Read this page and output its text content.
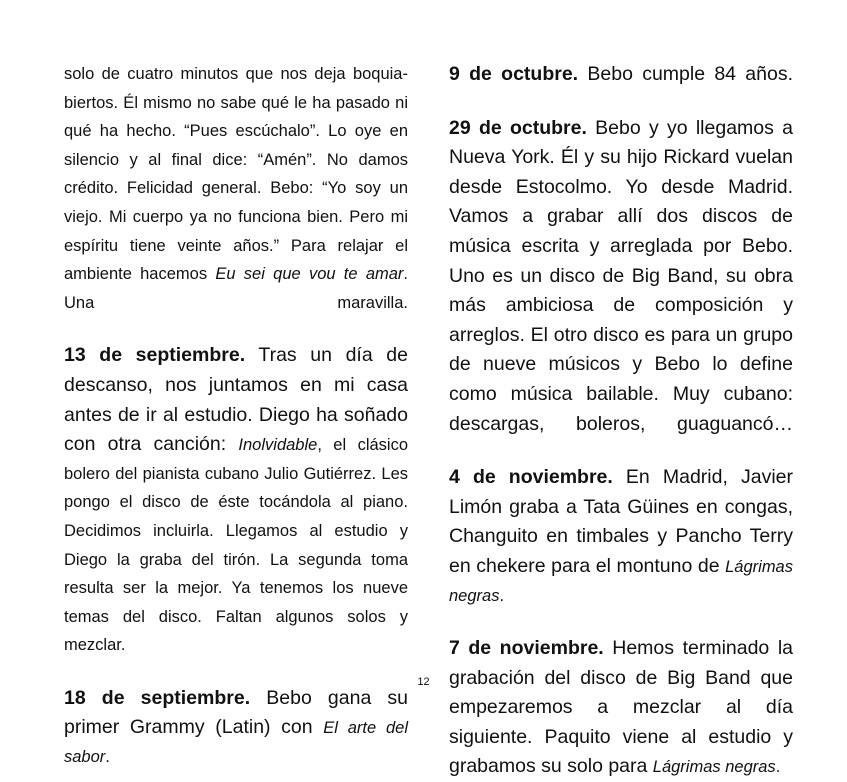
solo de cuatro minutos que nos deja boquiabiertos. Él mismo no sabe qué le ha pasado ni qué ha hecho. “Pues escúchalo”. Lo oye en silencio y al final dice: “Amén”. No damos crédito. Felicidad general. Bebo: “Yo soy un viejo. Mi cuerpo ya no funciona bien. Pero mi espíritu tiene veinte años.” Para relajar el ambiente hacemos Eu sei que vou te amar. Una maravilla.

13 de septiembre. Tras un día de descanso, nos juntamos en mi casa antes de ir al estudio. Diego ha soñado con otra canción: Inolvidable, el clásico bolero del pianista cubano Julio Gutiérrez. Les pongo el disco de éste tocándola al piano. Decidimos incluirla. Llegamos al estudio y Diego la graba del tirón. La segunda toma resulta ser la mejor. Ya tenemos los nueve temas del disco. Faltan algunos solos y mezclar.

18 de septiembre. Bebo gana su primer Grammy (Latin) con El arte del sabor.

9 de octubre. Bebo cumple 84 años.

29 de octubre. Bebo y yo llegamos a Nueva York. Él y su hijo Rickard vuelan desde Estocolmo. Yo desde Madrid. Vamos a grabar allí dos discos de música escrita y arreglada por Bebo. Uno es un disco de Big Band, su obra más ambiciosa de composición y arreglos. El otro disco es para un grupo de nueve músicos y Bebo lo define como música bailable. Muy cubano: descargas, boleros, guaguancó…

4 de noviembre. En Madrid, Javier Limón graba a Tata Güines en congas, Changuito en timbales y Pancho Terry en chekere para el montuno de Lágrimas negras.

7 de noviembre. Hemos terminado la grabación del disco de Big Band que empezaremos a mezclar al día siguiente. Paquito viene al estudio y grabamos su solo para Lágrimas negras.

12
